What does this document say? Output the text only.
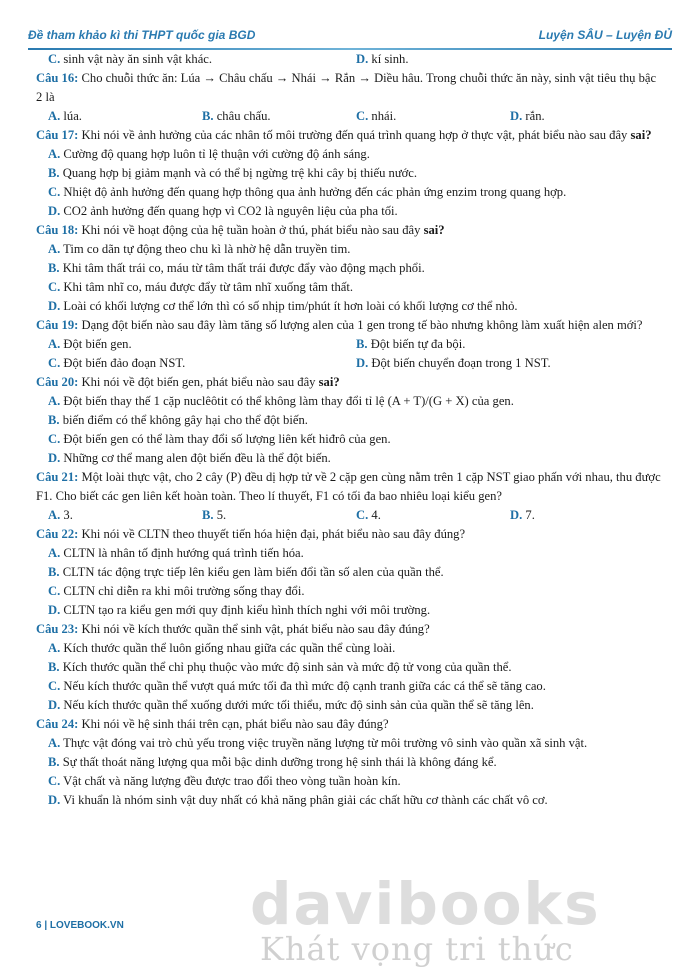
Đề tham khảo kì thi THPT quốc gia BGD	Luyện SÂU – Luyện ĐỦ
C. sinh vật này ăn sinh vật khác.	D. kí sinh.
Câu 16: Cho chuỗi thức ăn: Lúa → Châu chấu → Nhái → Rắn → Diều hâu. Trong chuỗi thức ăn này, sinh vật tiêu thụ bậc 2 là
A. lúa.	B. châu chấu.	C. nhái.	D. rắn.
Câu 17: Khi nói về ảnh hưởng của các nhân tố môi trường đến quá trình quang hợp ở thực vật, phát biểu nào sau đây sai?
A. Cường độ quang hợp luôn tỉ lệ thuận với cường độ ánh sáng.
B. Quang hợp bị giảm mạnh và có thể bị ngừng trệ khi cây bị thiếu nước.
C. Nhiệt độ ảnh hưởng đến quang hợp thông qua ảnh hưởng đến các phản ứng enzim trong quang hợp.
D. CO2 ảnh hưởng đến quang hợp vì CO2 là nguyên liệu của pha tối.
Câu 18: Khi nói về hoạt động của hệ tuần hoàn ở thú, phát biểu nào sau đây sai?
A. Tim co dãn tự động theo chu kì là nhờ hệ dẫn truyền tim.
B. Khi tâm thất trái co, máu từ tâm thất trái được đẩy vào động mạch phổi.
C. Khi tâm nhĩ co, máu được đẩy từ tâm nhĩ xuống tâm thất.
D. Loài có khối lượng cơ thể lớn thì có số nhịp tim/phút ít hơn loài có khối lượng cơ thể nhỏ.
Câu 19: Dạng đột biến nào sau đây làm tăng số lượng alen của 1 gen trong tế bào nhưng không làm xuất hiện alen mới?
A. Đột biến gen.	B. Đột biến tự đa bội.
C. Đột biến đảo đoạn NST.	D. Đột biến chuyển đoạn trong 1 NST.
Câu 20: Khi nói về đột biến gen, phát biểu nào sau đây sai?
A. Đột biến thay thế 1 cặp nuclêôtit có thể không làm thay đổi tỉ lệ (A + T)/(G + X) của gen.
B. biến điểm có thể không gây hại cho thể đột biến.
C. Đột biến gen có thể làm thay đổi số lượng liên kết hiđrô của gen.
D. Những cơ thể mang alen đột biến đều là thể đột biến.
Câu 21: Một loài thực vật, cho 2 cây (P) đều dị hợp tử về 2 cặp gen cùng nằm trên 1 cặp NST giao phấn với nhau, thu được F1. Cho biết các gen liên kết hoàn toàn. Theo lí thuyết, F1 có tối đa bao nhiêu loại kiểu gen?
A. 3.	B. 5.	C. 4.	D. 7.
Câu 22: Khi nói về CLTN theo thuyết tiến hóa hiện đại, phát biểu nào sau đây đúng?
A. CLTN là nhân tố định hướng quá trình tiến hóa.
B. CLTN tác động trực tiếp lên kiểu gen làm biến đổi tần số alen của quần thể.
C. CLTN chỉ diễn ra khi môi trường sống thay đổi.
D. CLTN tạo ra kiểu gen mới quy định kiểu hình thích nghi với môi trường.
Câu 23: Khi nói về kích thước quần thể sinh vật, phát biểu nào sau đây đúng?
A. Kích thước quần thể luôn giống nhau giữa các quần thể cùng loài.
B. Kích thước quần thể chỉ phụ thuộc vào mức độ sinh sản và mức độ tử vong của quần thể.
C. Nếu kích thước quần thể vượt quá mức tối đa thì mức độ cạnh tranh giữa các cá thể sẽ tăng cao.
D. Nếu kích thước quần thể xuống dưới mức tối thiểu, mức độ sinh sản của quần thể sẽ tăng lên.
Câu 24: Khi nói về hệ sinh thái trên cạn, phát biểu nào sau đây đúng?
A. Thực vật đóng vai trò chủ yếu trong việc truyền năng lượng từ môi trường vô sinh vào quần xã sinh vật.
B. Sự thất thoát năng lượng qua mỗi bậc dinh dưỡng trong hệ sinh thái là không đáng kể.
C. Vật chất và năng lượng đều được trao đổi theo vòng tuần hoàn kín.
D. Vi khuẩn là nhóm sinh vật duy nhất có khả năng phân giải các chất hữu cơ thành các chất vô cơ.
6 | LOVEBOOK.VN davibooks
Khát vọng tri thức
